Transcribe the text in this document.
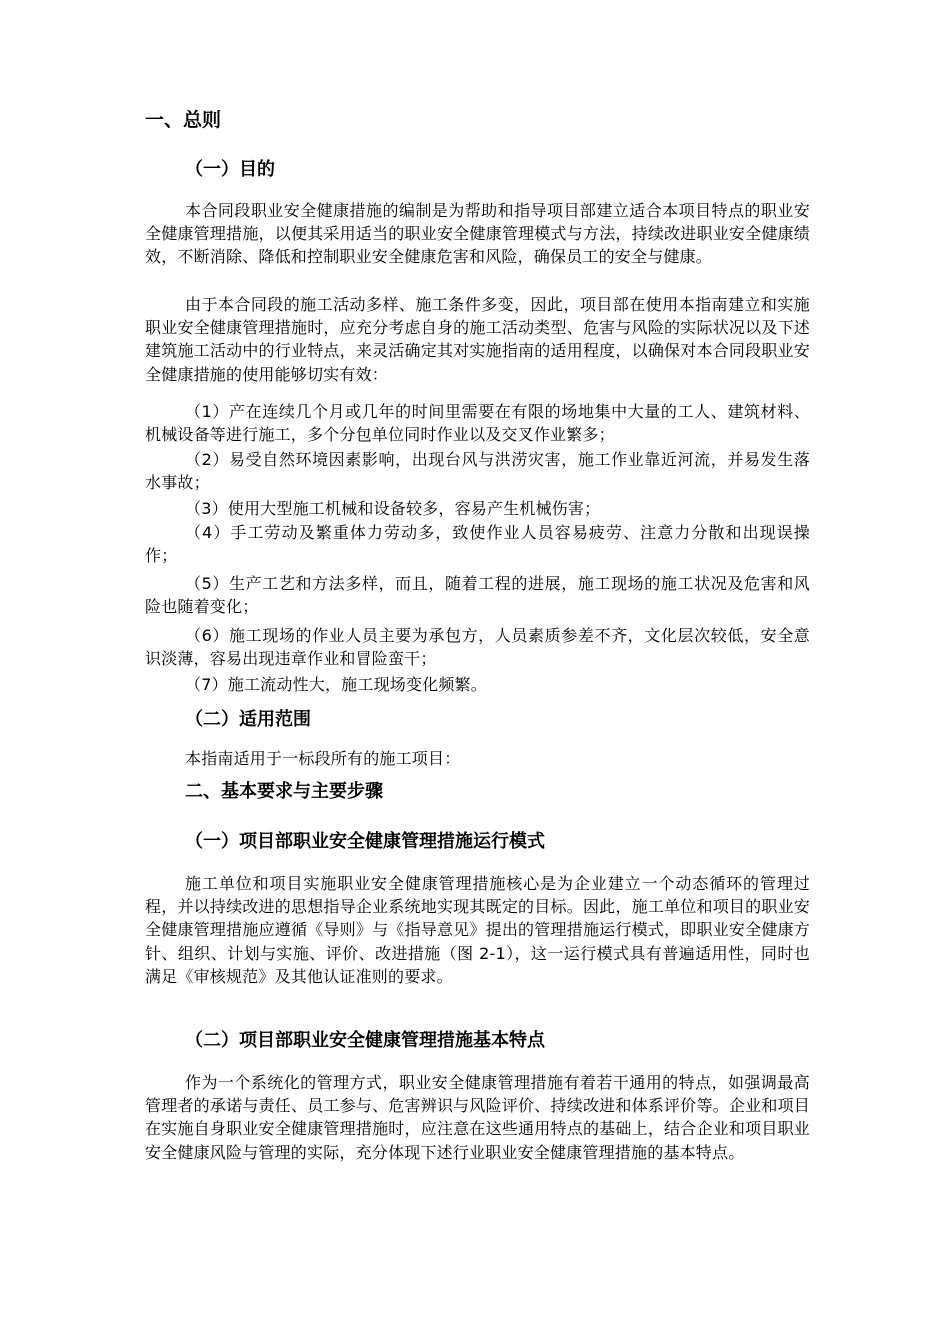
一、总则
（一）目的

本合同段职业安全健康措施的编制是为帮助和指导项目部建立适合本项目特点的职业安全健康管理措施，以便其采用适当的职业安全健康管理模式与方法，持续改进职业安全健康绩效，不断消除、降低和控制职业安全健康危害和风险，确保员工的安全与健康。

由于本合同段的施工活动多样、施工条件多变，因此，项目部在使用本指南建立和实施职业安全健康管理措施时，应充分考虑自身的施工活动类型、危害与风险的实际状况以及下述建筑施工活动中的行业特点，来灵活确定其对实施指南的适用程度，以确保对本合同段职业安全健康措施的使用能够切实有效：

（1）产在连续几个月或几年的时间里需要在有限的场地集中大量的工人、建筑材料、机械设备等进行施工，多个分包单位同时作业以及交叉作业繁多；

（2）易受自然环境因素影响，出现台风与洪涝灾害，施工作业靠近河流，并易发生落水事故；

（3）使用大型施工机械和设备较多，容易产生机械伤害；

（4）手工劳动及繁重体力劳动多，致使作业人员容易疲劳、注意力分散和出现误操作；

（5）生产工艺和方法多样，而且，随着工程的进展，施工现场的施工状况及危害和风险也随着变化；

（6）施工现场的作业人员主要为承包方，人员素质参差不齐，文化层次较低，安全意识淡薄，容易出现违章作业和冒险蛮干；

（7）施工流动性大，施工现场变化频繁。

（二）适用范围
本指南适用于一标段所有的施工项目：
二、基本要求与主要步骤
（一）项目部职业安全健康管理措施运行模式

施工单位和项目实施职业安全健康管理措施核心是为企业建立一个动态循环的管理过程，并以持续改进的思想指导企业系统地实现其既定的目标。因此，施工单位和项目的职业安全健康管理措施应遵循《导则》与《指导意见》提出的管理措施运行模式，即职业安全健康方针、组织、计划与实施、评价、改进措施（图 2-1），这一运行模式具有普遍适用性，同时也满足《审核规范》及其他认证准则的要求。

（二）项目部职业安全健康管理措施基本特点

作为一个系统化的管理方式，职业安全健康管理措施有着若干通用的特点，如强调最高管理者的承诺与责任、员工参与、危害辨识与风险评价、持续改进和体系评价等。企业和项目在实施自身职业安全健康管理措施时，应注意在这些通用特点的基础上，结合企业和项目职业安全健康风险与管理的实际，充分体现下述行业职业安全健康管理措施的基本特点。
